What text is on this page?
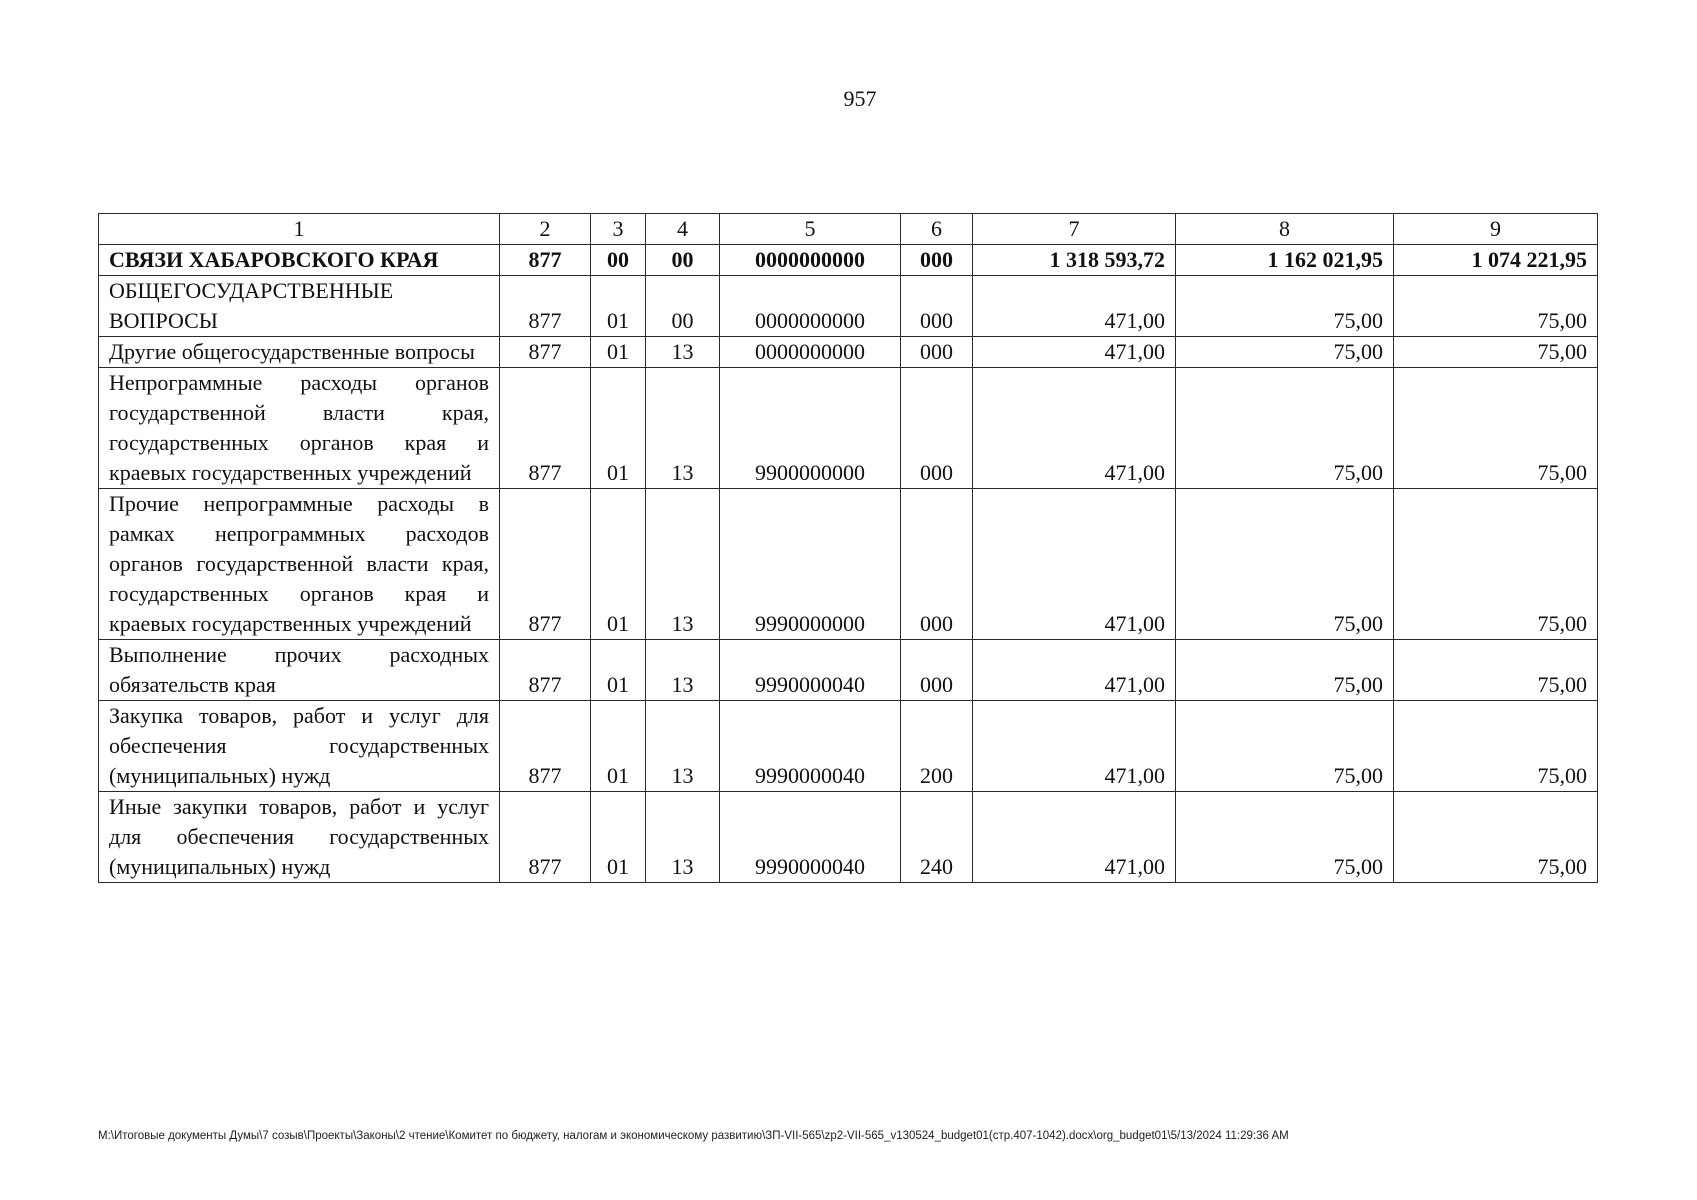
957
1	2	3	4	5	6	7	8	9
СВЯЗИ ХАБАРОВСКОГО КРАЯ	877	00	00	0000000000	000	1 318 593,72	1 162 021,95	1 074 221,95
ОБЩЕГОСУДАРСТВЕННЫЕ ВОПРОСЫ	877	01	00	0000000000	000	471,00	75,00	75,00
Другие общегосударственные вопросы	877	01	13	0000000000	000	471,00	75,00	75,00
Непрограммные расходы органов государственной власти края, государственных органов края и краевых государственных учреждений	877	01	13	9900000000	000	471,00	75,00	75,00
Прочие непрограммные расходы в рамках непрограммных расходов органов государственной власти края, государственных органов края и краевых государственных учреждений	877	01	13	9990000000	000	471,00	75,00	75,00
Выполнение прочих расходных обязательств края	877	01	13	9990000040	000	471,00	75,00	75,00
Закупка товаров, работ и услуг для обеспечения государственных (муниципальных) нужд	877	01	13	9990000040	200	471,00	75,00	75,00
Иные закупки товаров, работ и услуг для обеспечения государственных (муниципальных) нужд	877	01	13	9990000040	240	471,00	75,00	75,00
M:\Итоговые документы Думы\7 созыв\Проекты\Законы\2 чтение\Комитет по бюджету, налогам и экономическому развитию\ЗП-VII-565\zp2-VII-565_v130524_budget01(стр.407-1042).docx\org_budget01\5/13/2024 11:29:36 AM
